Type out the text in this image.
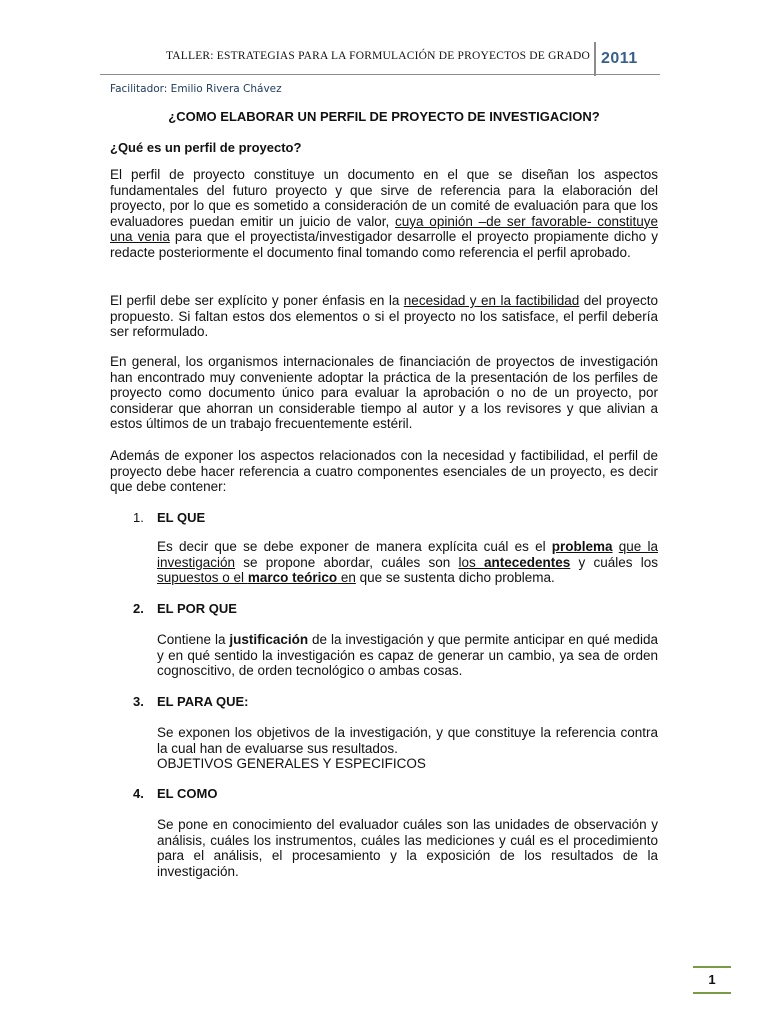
TALLER: ESTRATEGIAS PARA LA FORMULACIÓN DE PROYECTOS DE GRADO 2011
Facilitador: Emilio Rivera Chávez
¿COMO ELABORAR UN PERFIL DE PROYECTO DE INVESTIGACION?
¿Qué es un perfil de proyecto?

El perfil de proyecto constituye un documento en el que se diseñan los aspectos fundamentales del futuro proyecto y que sirve de referencia para la elaboración del proyecto, por lo que es sometido a consideración de un comité de evaluación para que los evaluadores puedan emitir un juicio de valor, cuya opinión –de ser favorable- constituye una venia para que el proyectista/investigador desarrolle el proyecto propiamente dicho y redacte posteriormente el documento final tomando como referencia el perfil aprobado.

El perfil debe ser explícito y poner énfasis en la necesidad y en la factibilidad del proyecto propuesto. Si faltan estos dos elementos o si el proyecto no los satisface, el perfil debería ser reformulado.

En general, los organismos internacionales de financiación de proyectos de investigación han encontrado muy conveniente adoptar la práctica de la presentación de los perfiles de proyecto como documento único para evaluar la aprobación o no de un proyecto, por considerar que ahorran un considerable tiempo al autor y a los revisores y que alivian a estos últimos de un trabajo frecuentemente estéril.

Además de exponer los aspectos relacionados con la necesidad y factibilidad, el perfil de proyecto debe hacer referencia a cuatro componentes esenciales de un proyecto, es decir que debe contener:

1. EL QUE

Es decir que se debe exponer de manera explícita cuál es el problema que la investigación se propone abordar, cuáles son los antecedentes y cuáles los supuestos o el marco teórico en que se sustenta dicho problema.

2. EL POR QUE

Contiene la justificación de la investigación y que permite anticipar en qué medida y en qué sentido la investigación es capaz de generar un cambio, ya sea de orden cognoscitivo, de orden tecnológico o ambas cosas.

3. EL PARA QUE:

Se exponen los objetivos de la investigación, y que constituye la referencia contra la cual han de evaluarse sus resultados.
OBJETIVOS GENERALES Y ESPECIFICOS

4. EL COMO

Se pone en conocimiento del evaluador cuáles son las unidades de observación y análisis, cuáles los instrumentos, cuáles las mediciones y cuál es el procedimiento para el análisis, el procesamiento y la exposición de los resultados de la investigación.

1
